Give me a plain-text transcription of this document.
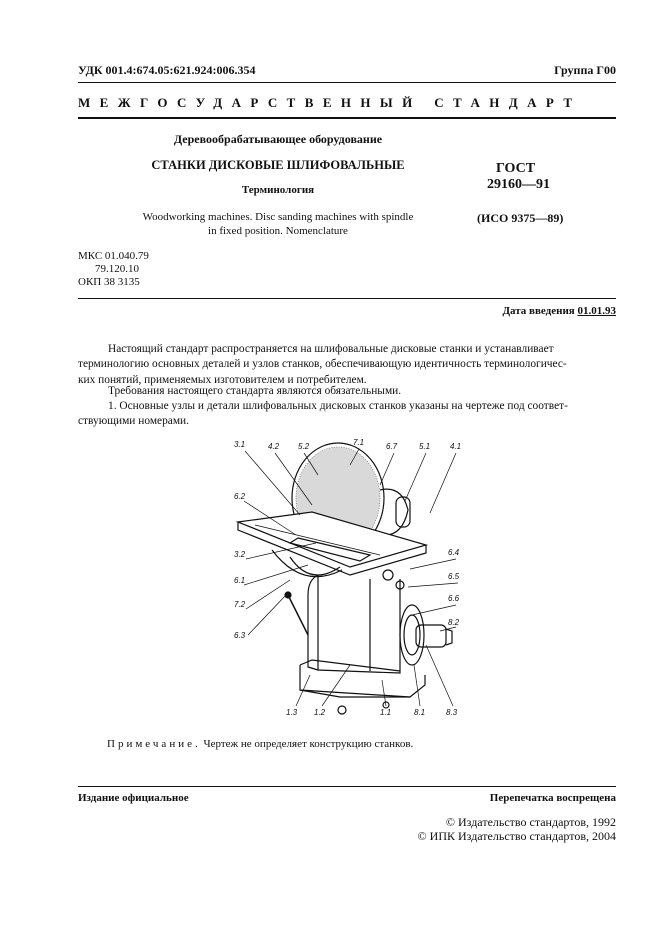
УДК 001.4:674.05:621.924:006.354	Группа Г00
МЕЖГОСУДАРСТВЕННЫЙ СТАНДАРТ
Деревообрабатывающее оборудование
СТАНКИ ДИСКОВЫЕ ШЛИФОВАЛЬНЫЕ
Терминология
Woodworking machines. Disc sanding machines with spindle
in fixed position. Nomenclature
ГОСТ
29160—91
(ИСО 9375—89)
МКС 01.040.79
79.120.10
ОКП 38 3135
Дата введения 01.01.93
Настоящий стандарт распространяется на шлифовальные дисковые станки и устанавливает
терминологию основных деталей и узлов станков, обеспечивающую идентичность терминологичес-
ких понятий, применяемых изготовителем и потребителем.
Требования настоящего стандарта являются обязательными.
1. Основные узлы и детали шлифовальных дисковых станков указаны на чертеже под соответ-
ствующими номерами.
3.1	4.2 5.2	7.1	6.7	5.1 4.1
6.2
3.2
6.1
7.2
6.3
6.4
6.5
6.6
8.2
1.3 1.2	1.1	8.1	8.3
Примечание. Чертеж не определяет конструкцию станков.
Издание официальное	Перепечатка воспрещена
© Издательство стандартов, 1992
© ИПК Издательство стандартов, 2004
